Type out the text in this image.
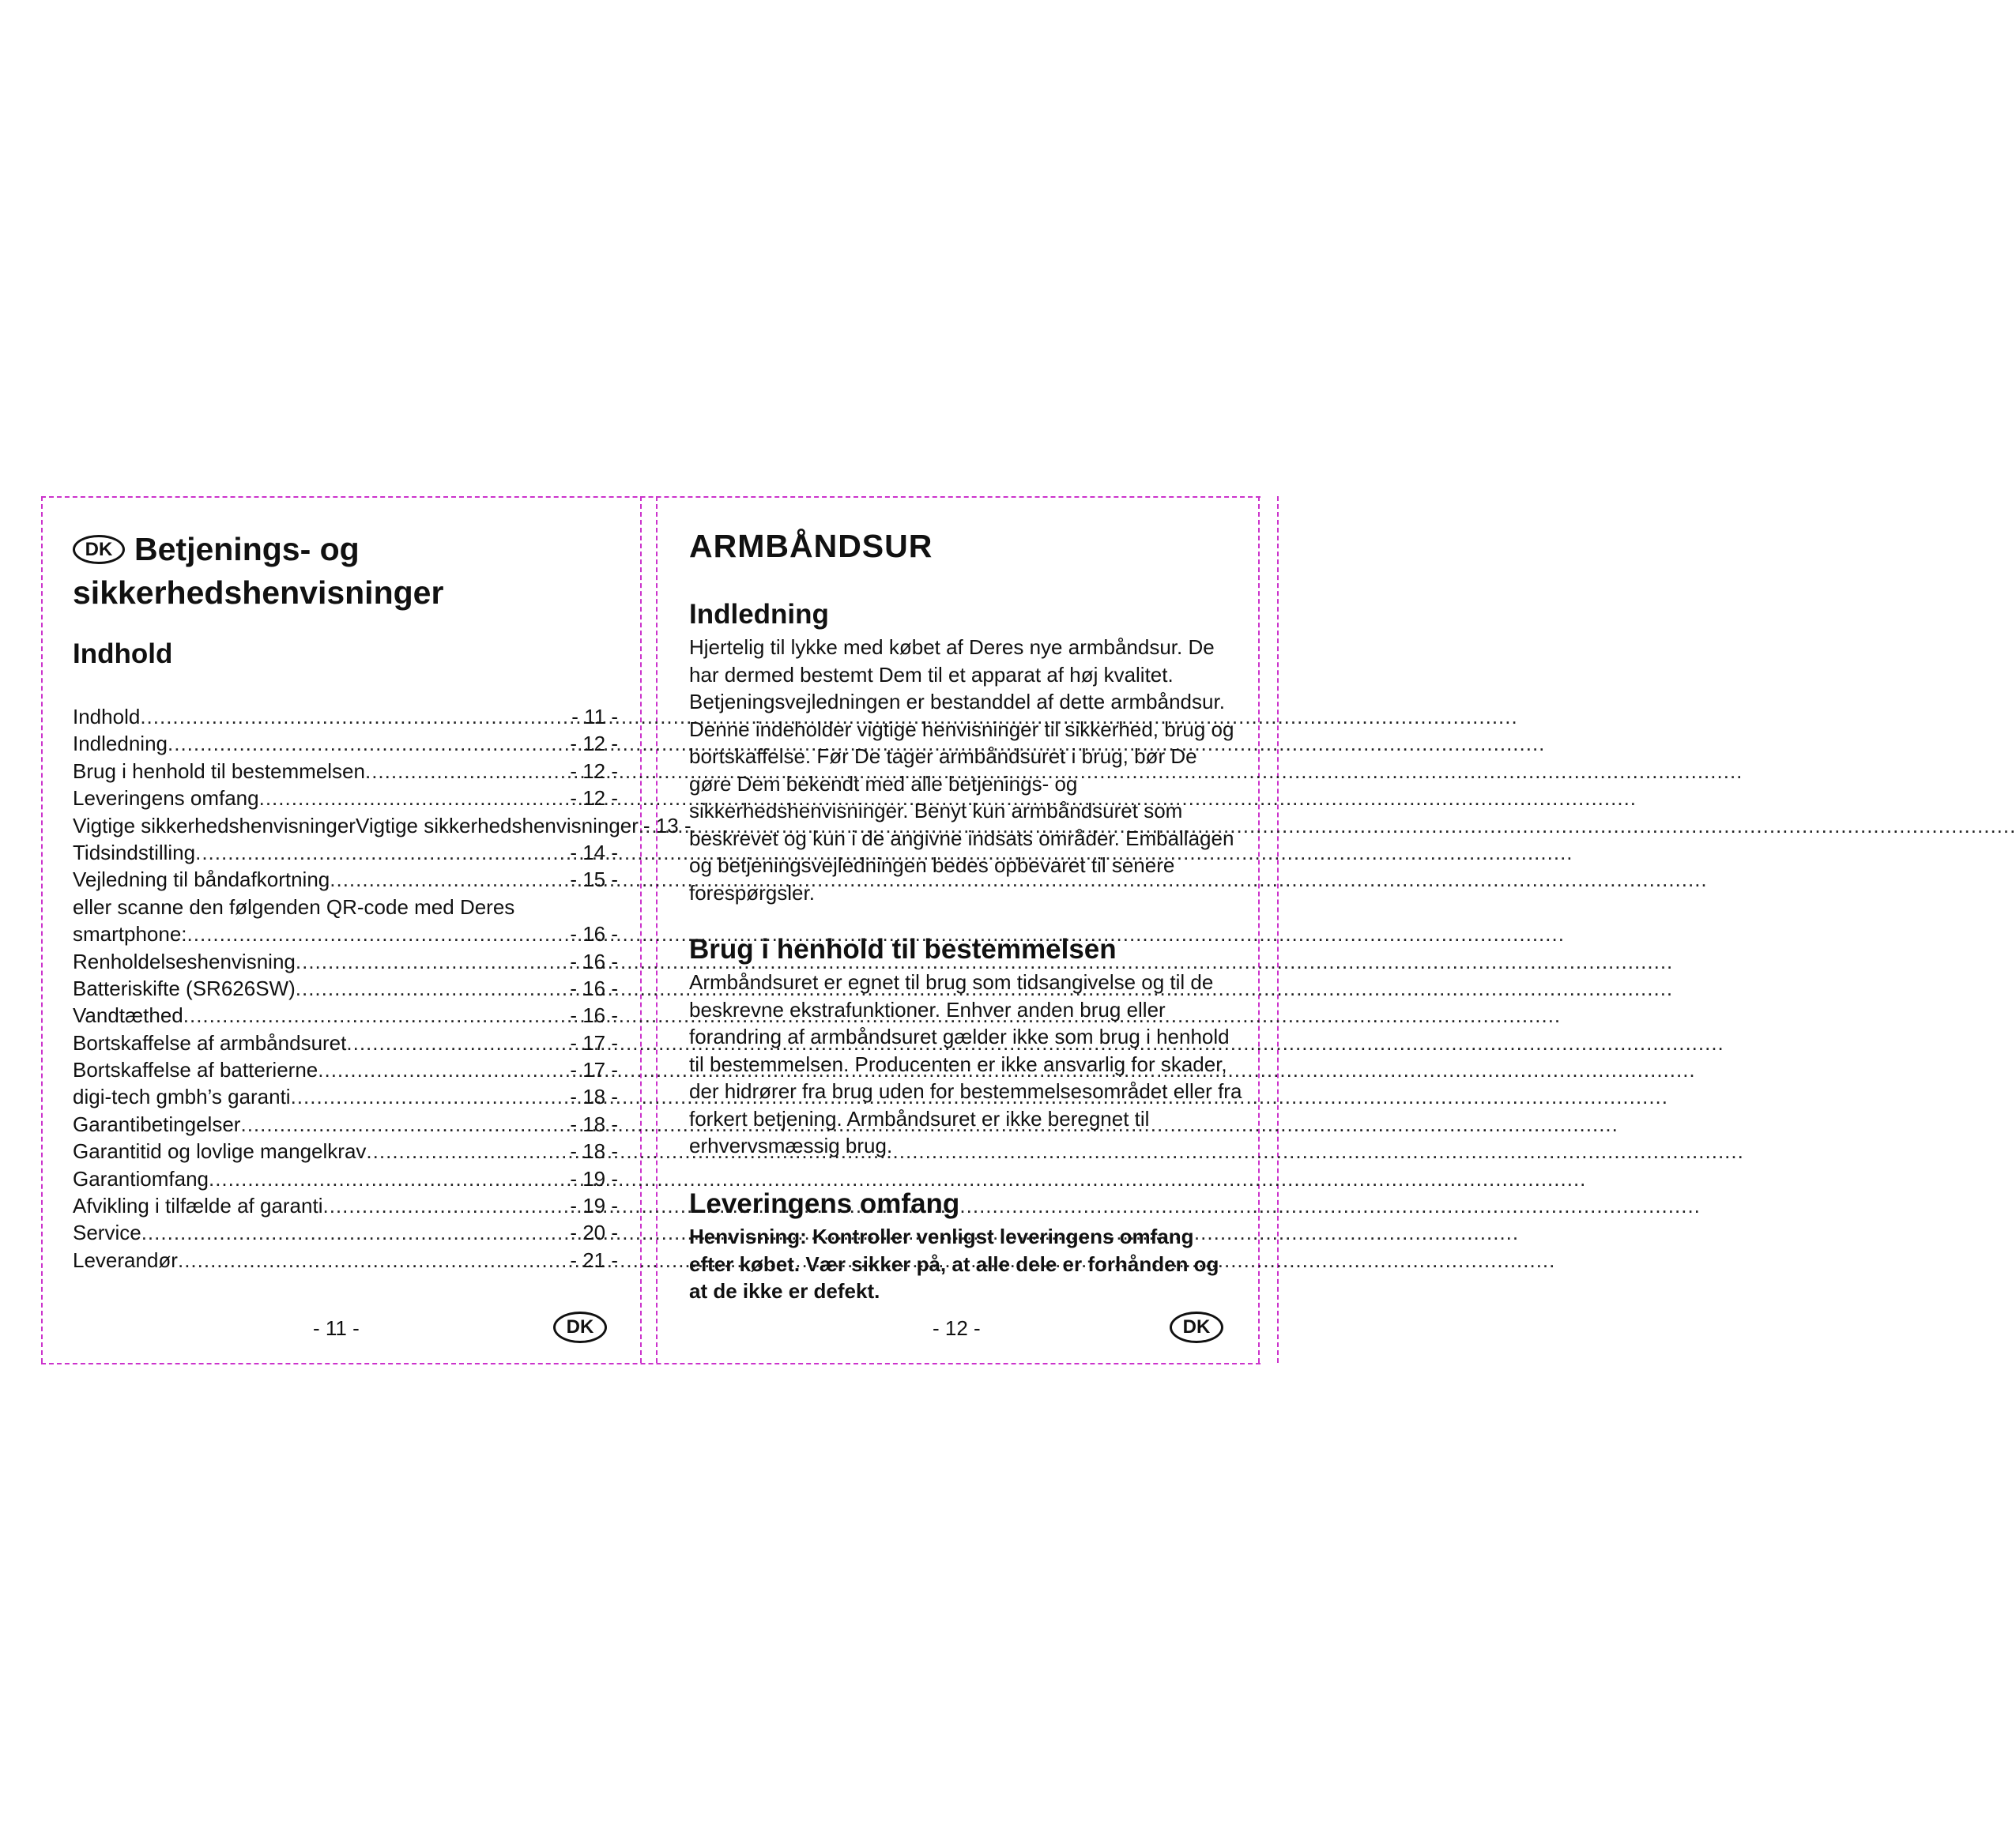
DK Betjenings- og sikkerhedshenvisninger
Indhold
Indhold .....	- 11 -
Indledning .....	- 12 -
Brug i henhold til bestemmelsen .....	- 12 -
Leveringens omfang .....	- 12 -
Vigtige sikkerhedshenvisningerVigtige sikkerhedshenvisninger - 13 -
Tidsindstilling .....	- 14 -
Vejledning til båndafkortning .....	- 15 -
eller scanne den følgenden QR-code med Deres
smartphone: .....	- 16 -
Renholdelseshenvisning .....	- 16 -
Batteriskifte (SR626SW) .....	- 16 -
Vandtæthed .....	- 16 -
Bortskaffelse af armbåndsuret .....	- 17 -
Bortskaffelse af batterierne .....	- 17 -
digi-tech gmbh’s garanti .....	- 18 -
Garantibetingelser .....	- 18 -
Garantitid og lovlige mangelkrav .....	- 18 -
Garantiomfang .....	- 19 -
Afvikling i tilfælde af garanti .....	- 19 -
Service .....	- 20 -
Leverandør .....	- 21 -
- 11 -	DK
ARMBÅNDSUR
Indledning

Hjertelig til lykke med købet af Deres nye armbåndsur. De har dermed bestemt Dem til et apparat af høj kvalitet. Betjeningsvejledningen er bestanddel af dette armbåndsur. Denne indeholder vigtige henvisninger til sikkerhed, brug og bortskaffelse. Før De tager armbåndsuret i brug, bør De gøre Dem bekendt med alle betjenings- og sikkerhedshenvisninger. Benyt kun armbåndsuret som beskrevet og kun i de angivne indsats områder. Emballagen og betjeningsvejledningen bedes opbevaret til senere forespørgsler.

Brug i henhold til bestemmelsen

Armbåndsuret er egnet til brug som tidsangivelse og til de beskrevne ekstrafunktioner. Enhver anden brug eller forandring af armbåndsuret gælder ikke som brug i henhold til bestemmelsen. Producenten er ikke ansvarlig for skader, der hidrører fra brug uden for bestemmelsesområdet eller fra forkert betjening. Armbåndsuret er ikke beregnet til erhvervsmæssig brug.

Leveringens omfang

Henvisning: Kontroller venligst leveringens omfang efter købet. Vær sikker på, at alle dele er forhånden og at de ikke er defekt.

- 12 -	DK
